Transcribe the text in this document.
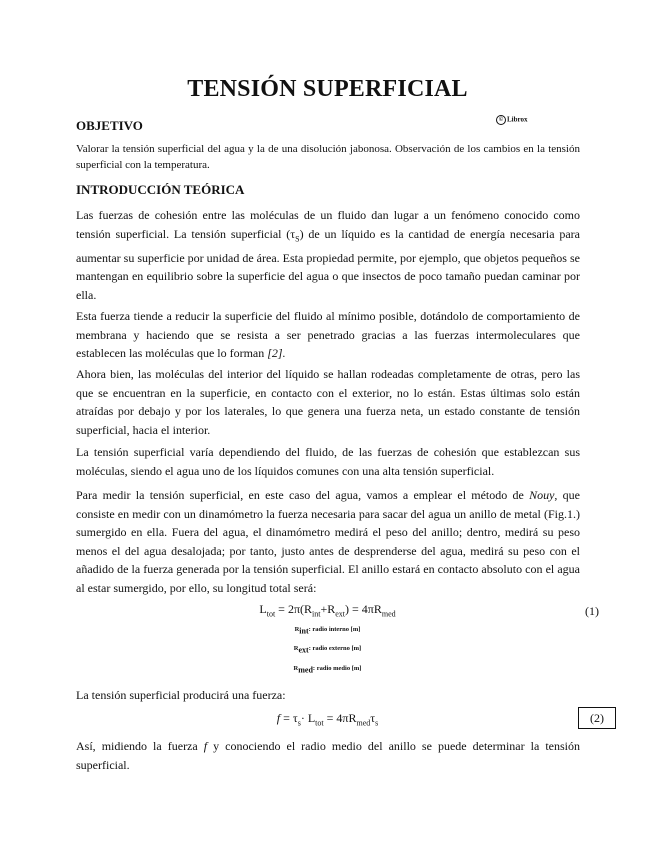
TENSIÓN SUPERFICIAL
© Librox
OBJETIVO

Valorar la tensión superficial del agua y la de una disolución jabonosa. Observación de los cambios en la tensión superficial con la temperatura.

INTRODUCCIÓN TEÓRICA

Las fuerzas de cohesión entre las moléculas de un fluido dan lugar a un fenómeno conocido como tensión superficial. La tensión superficial $(\tau_S)$ de un líquido es la cantidad de energía necesaria para aumentar su superficie por unidad de área. Esta propiedad permite, por ejemplo, que objetos pequeños se mantengan en equilibrio sobre la superficie del agua o que insectos de poco tamaño puedan caminar por ella.

Esta fuerza tiende a reducir la superficie del fluido al mínimo posible, dotándolo de comportamiento de membrana y haciendo que se resista a ser penetrado gracias a las fuerzas intermoleculares que establecen las moléculas que lo forman [2].

Ahora bien, las moléculas del interior del líquido se hallan rodeadas completamente de otras, pero las que se encuentran en la superficie, en contacto con el exterior, no lo están. Estas últimas solo están atraídas por debajo y por los laterales, lo que genera una fuerza neta, un estado constante de tensión superficial, hacia el interior.

La tensión superficial varía dependiendo del fluido, de las fuerzas de cohesión que establezcan sus moléculas, siendo el agua uno de los líquidos comunes con una alta tensión superficial.

Para medir la tensión superficial, en este caso del agua, vamos a emplear el método de Nouy, que consiste en medir con un dinamómetro la fuerza necesaria para sacar del agua un anillo de metal (Fig.1.) sumergido en ella. Fuera del agua, el dinamómetro medirá el peso del anillo; dentro, medirá su peso menos el del agua desalojada; por tanto, justo antes de desprenderse del agua, medirá su peso con el añadido de la fuerza generada por la tensión superficial. El anillo estará en contacto absoluto con el agua al estar sumergido, por ello, su longitud total será:

$L_{tot} = 2\pi(R_{int}+R_{ext}) = 4\pi R_{med}$	(1)
$R_{int}$: radio interno [m]
$R_{ext}$: radio externo [m]
$R_{med}$: radio medio [m]

La tensión superficial producirá una fuerza:

$f = \tau_s\cdot L_{tot} = 4\pi R_{med}\tau_s$	(2)

Así, midiendo la fuerza f y conociendo el radio medio del anillo se puede determinar la tensión superficial.
